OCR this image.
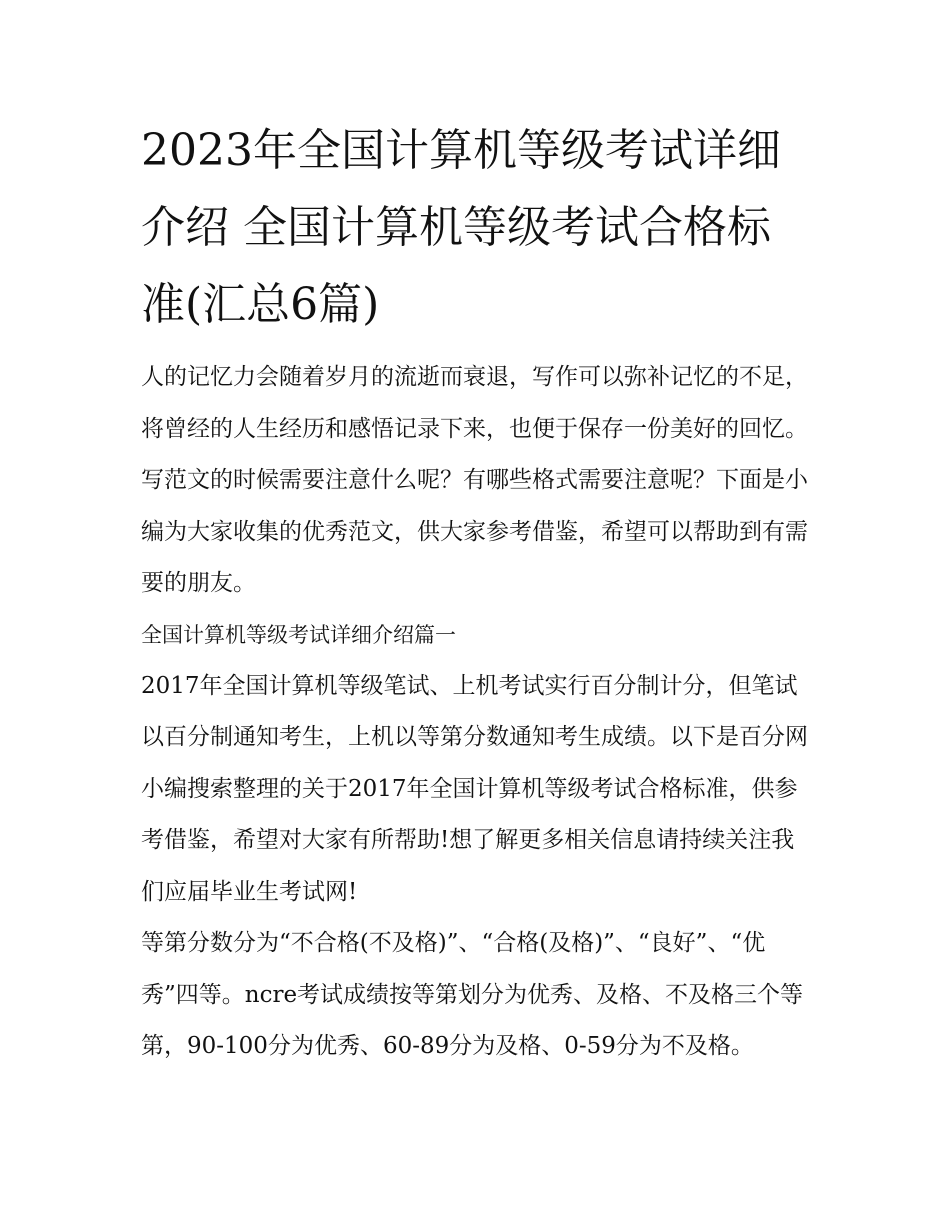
2023年全国计算机等级考试详细介绍 全国计算机等级考试合格标准(汇总6篇)

人的记忆力会随着岁月的流逝而衰退，写作可以弥补记忆的不足，将曾经的人生经历和感悟记录下来，也便于保存一份美好的回忆。写范文的时候需要注意什么呢？有哪些格式需要注意呢？下面是小编为大家收集的优秀范文，供大家参考借鉴，希望可以帮助到有需要的朋友。

全国计算机等级考试详细介绍篇一

2017年全国计算机等级笔试、上机考试实行百分制计分，但笔试以百分制通知考生，上机以等第分数通知考生成绩。以下是百分网小编搜索整理的关于2017年全国计算机等级考试合格标准，供参考借鉴，希望对大家有所帮助!想了解更多相关信息请持续关注我们应届毕业生考试网!

等第分数分为“不合格(不及格)”、“合格(及格)”、“良好”、“优秀”四等。ncre考试成绩按等第划分为优秀、及格、不及格三个等第，90-100分为优秀、60-89分为及格、0-59分为不及格。
